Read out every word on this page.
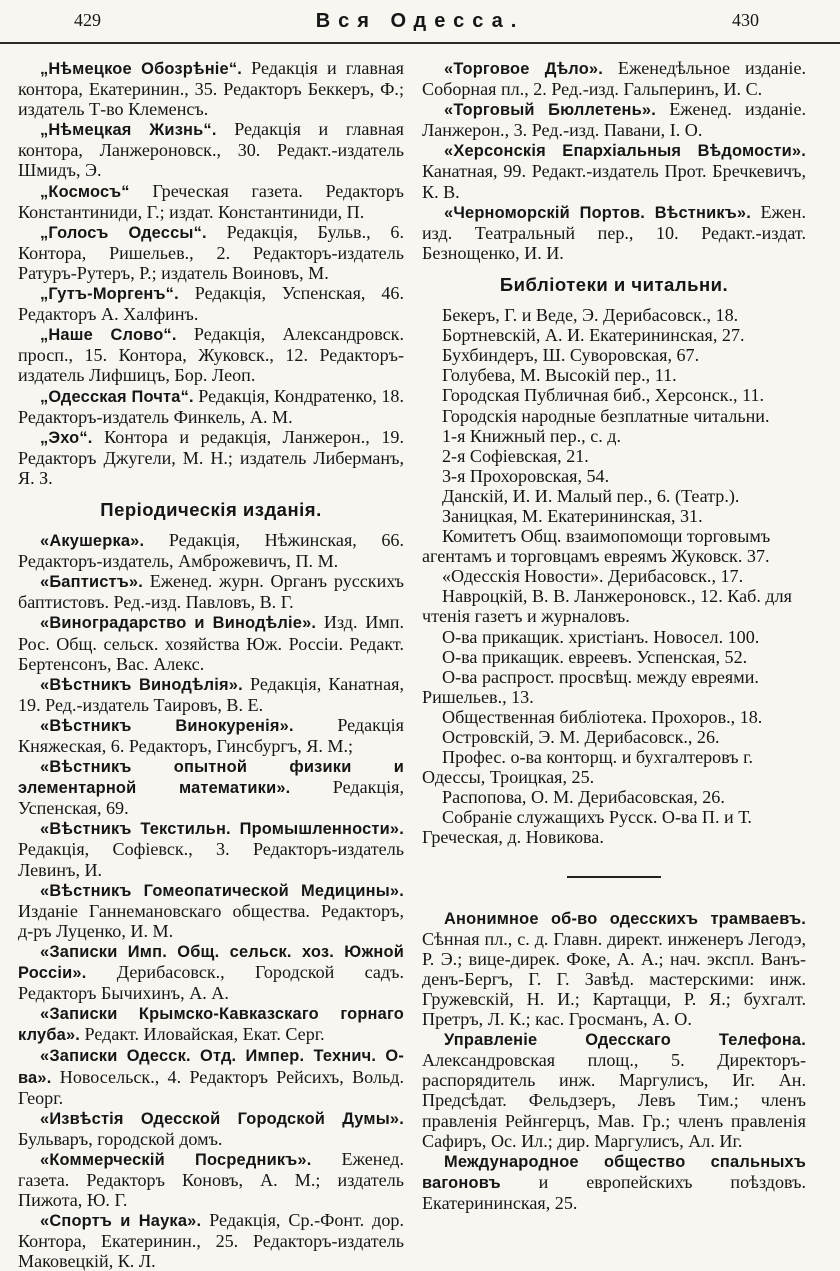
429	Вся Одесса.	430

„Нѣмецкое Обозрѣніе“. Редакція и главная контора, Екатеринин., 35. Редакторъ Беккеръ, Ф.; издатель Т-во Клеменсъ.

„Нѣмецкая Жизнь“. Редакція и главная контора, Ланжероновск., 30. Редакт.-издатель Шмидъ, Э.

„Космосъ“ Греческая газета. Редакторъ Константиниди, Г.; издат. Константиниди, П.

„Голосъ Одессы“. Редакція, Бульв., 6. Контора, Ришельев., 2. Редакторъ-издатель Ратуръ-Рутеръ, Р.; издатель Воиновъ, М.

„Гутъ-Моргенъ“. Редакція, Успенская, 46. Редакторъ А. Халфинъ.

„Наше Слово“. Редакція, Александровск. просп., 15. Контора, Жуковск., 12. Редакторъ-издатель Лифшицъ, Бор. Леоп.

„Одесская Почта“. Редакція, Кондратенко, 18. Редакторъ-издатель Финкель, А. М.

„Эхо“. Контора и редакція, Ланжерон., 19. Редакторъ Джугели, М. Н.; издатель Либерманъ, Я. З.

Періодическія изданія.

«Акушерка». Редакція, Нѣжинская, 66. Редакторъ-издатель, Амброжевичъ, П. М.

«Баптистъ». Еженед. журн. Органъ русскихъ баптистовъ. Ред.-изд. Павловъ, В. Г.

«Виноградарство и Винодѣліе». Изд. Имп. Рос. Общ. сельск. хозяйства Юж. Россіи. Редакт. Бертенсонъ, Вас. Алекс.

«Вѣстникъ Винодѣлія». Редакція, Канатная, 19. Ред.-издатель Таировъ, В. Е.

«Вѣстникъ Винокуренія». Редакція Княжеская, 6. Редакторъ, Гинсбургъ, Я. М.;

«Вѣстникъ опытной физики и элементарной математики». Редакція, Успенская, 69.

«Вѣстникъ Текстильн. Промышленности». Редакція, Софіевск., 3. Редакторъ-издатель Левинъ, И.

«Вѣстникъ Гомеопатической Медицины». Изданіе Ганнемановскаго общества. Редакторъ, д-ръ Луценко, И. М.

«Записки Имп. Общ. сельск. хоз. Южной Россіи». Дерибасовск., Городской садъ. Редакторъ Бычихинъ, А. А.

«Записки Крымско-Кавказскаго горнаго клуба». Редакт. Иловайская, Екат. Серг.

«Записки Одесск. Отд. Импер. Технич. О-ва». Новосельск., 4. Редакторъ Рейсихъ, Вольд. Георг.

«Извѣстія Одесской Городской Думы». Бульваръ, городской домъ.

«Коммерческій Посредникъ». Еженед. газета. Редакторъ Коновъ, А. М.; издатель Пижота, Ю. Г.

«Спортъ и Наука». Редакція, Ср.-Фонт. дор. Контора, Екатеринин., 25. Редакторъ-издатель Маковецкій, К. Л.

«Торговое Дѣло». Еженедѣльное изданіе. Соборная пл., 2. Ред.-изд. Гальперинъ, И. С.

«Торговый Бюллетень». Еженед. изданіе. Ланжерон., 3. Ред.-изд. Павани, I. О.

«Херсонскія Епархіальныя Вѣдомости». Канатная, 99. Редакт.-издатель Прот. Бречкевичъ, К. В.

«Черноморскій Портов. Вѣстникъ». Ежен. изд. Театральный пер., 10. Редакт.-издат. Безнощенко, И. И.

Библіотеки и читальни.

Бекеръ, Г. и Веде, Э. Дерибасовск., 18.

Бортневскій, А. И. Екатерининская, 27.

Бухбиндеръ, Ш. Суворовская, 67.

Голубева, М. Высокій пер., 11.

Городская Публичная биб., Херсонск., 11.

Городскія народные безплатные читальни.

1-я Книжный пер., с. д.

2-я Софіевская, 21.

3-я Прохоровская, 54.

Данскій, И. И. Малый пер., 6. (Театр.).

Заницкая, М. Екатерининская, 31.

Комитетъ Общ. взаимопомощи торговымъ агентамъ и торговцамъ евреямъ Жуковск. 37.

«Одесскія Новости». Дерибасовск., 17.

Навроцкій, В. В. Ланжероновск., 12. Каб. для чтенія газетъ и журналовъ.

О-ва прикащик. христіанъ. Новосел. 100.

О-ва прикащик. евреевъ. Успенская, 52.

О-ва распрост. просвѣщ. между евреями. Ришельев., 13.

Общественная библіотека. Прохоров., 18.

Островскій, Э. М. Дерибасовск., 26.

Профес. о-ва конторщ. и бухгалтеровъ г. Одессы, Троицкая, 25.

Распопова, О. М. Дерибасовская, 26.

Собраніе служащихъ Русск. О-ва П. и Т. Греческая, д. Новикова.

Анонимное об-во одесскихъ трамваевъ. Сѣнная пл., с. д. Главн. директ. инженеръ Легодэ, Р. Э.; вице-дирек. Фоке, А. А.; нач. экспл. Ванъ-денъ-Бергъ, Г. Г. Завѣд. мастерскими: инж. Гружевскій, Н. И.; Картацци, Р. Я.; бухгалт. Претръ, Л. К.; кас. Гросманъ, А. О.

Управленіе Одесскаго Телефона. Александровская площ., 5. Директоръ-распорядитель инж. Маргулисъ, Иг. Ан. Предсѣдат. Фельдзеръ, Левъ Тим.; членъ правленія Рейнгерцъ, Мав. Гр.; членъ правленія Сафиръ, Ос. Ил.; дир. Маргулисъ, Ал. Иг.

Международное общество спальныхъ вагоновъ и европейскихъ поѣздовъ. Екатерининская, 25.
